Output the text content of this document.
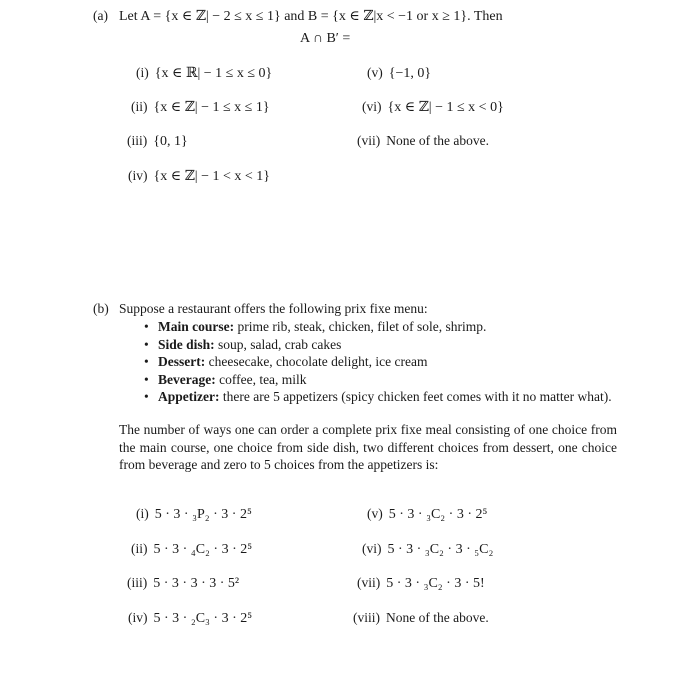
(a) Let A = {x ∈ ℤ| − 2 ≤ x ≤ 1} and B = {x ∈ ℤ|x < −1 or x ≥ 1}. Then
A ∩ B′ =
(i) {x ∈ ℝ| − 1 ≤ x ≤ 0}
(ii) {x ∈ ℤ| − 1 ≤ x ≤ 1}
(iii) {0, 1}
(iv) {x ∈ ℤ| − 1 < x < 1}
(v) {−1, 0}
(vi) {x ∈ ℤ| − 1 ≤ x < 0}
(vii) None of the above.
(b) Suppose a restaurant offers the following prix fixe menu:
• Main course: prime rib, steak, chicken, filet of sole, shrimp.
• Side dish: soup, salad, crab cakes
• Dessert: cheesecake, chocolate delight, ice cream
• Beverage: coffee, tea, milk
• Appetizer: there are 5 appetizers (spicy chicken feet comes with it no matter what).
The number of ways one can order a complete prix fixe meal consisting of one choice from the main course, one choice from side dish, two different choices from dessert, one choice from beverage and zero to 5 choices from the appetizers is:
(i) 5 · 3 · ₃P₂ · 3 · 2⁵
(ii) 5 · 3 · ₄C₂ · 3 · 2⁵
(iii) 5 · 3 · 3 · 3 · 5²
(iv) 5 · 3 · ₂C₃ · 3 · 2⁵
(v) 5 · 3 · ₃C₂ · 3 · 2⁵
(vi) 5 · 3 · ₃C₂ · 3 · ₅C₂
(vii) 5 · 3 · ₃C₂ · 3 · 5!
(viii) None of the above.
